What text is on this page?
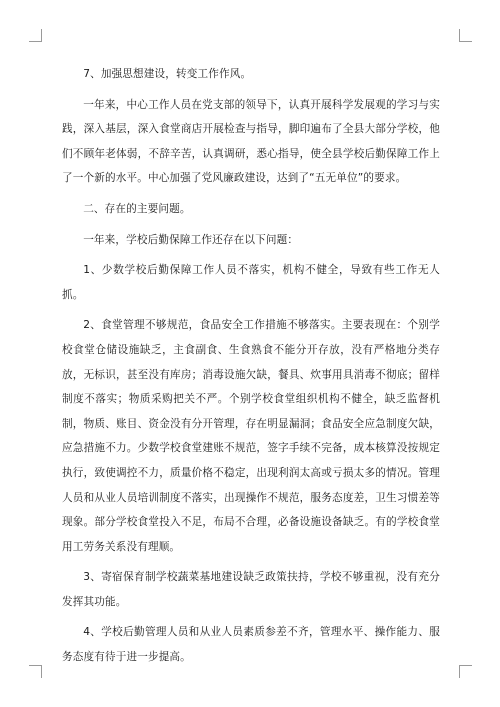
7、加强思想建设，转变工作作风。

一年来，中心工作人员在党支部的领导下，认真开展科学发展观的学习与实践，深入基层，深入食堂商店开展检查与指导，脚印遍布了全县大部分学校，他们不顾年老体弱，不辞辛苦，认真调研，悉心指导，使全县学校后勤保障工作上了一个新的水平。中心加强了党风廉政建设，达到了“五无单位”的要求。

二、存在的主要问题。

一年来，学校后勤保障工作还存在以下问题：

1、少数学校后勤保障工作人员不落实，机构不健全，导致有些工作无人抓。

2、食堂管理不够规范，食品安全工作措施不够落实。主要表现在：个别学校食堂仓储设施缺乏，主食副食、生食熟食不能分开存放，没有严格地分类存放，无标识，甚至没有库房；消毒设施欠缺，餐具、炊事用具消毒不彻底；留样制度不落实；物质采购把关不严。个别学校食堂组织机构不健全，缺乏监督机制，物质、账目、资金没有分开管理，存在明显漏洞；食品安全应急制度欠缺，应急措施不力。少数学校食堂建账不规范，签字手续不完备，成本核算没按规定执行，致使调控不力，质量价格不稳定，出现利润太高或亏损太多的情况。管理人员和从业人员培训制度不落实，出现操作不规范，服务态度差，卫生习惯差等现象。部分学校食堂投入不足，布局不合理，必备设施设备缺乏。有的学校食堂用工劳务关系没有理顺。

3、寄宿保育制学校蔬菜基地建设缺乏政策扶持，学校不够重视，没有充分发挥其功能。

4、学校后勤管理人员和从业人员素质参差不齐，管理水平、操作能力、服务态度有待于进一步提高。
